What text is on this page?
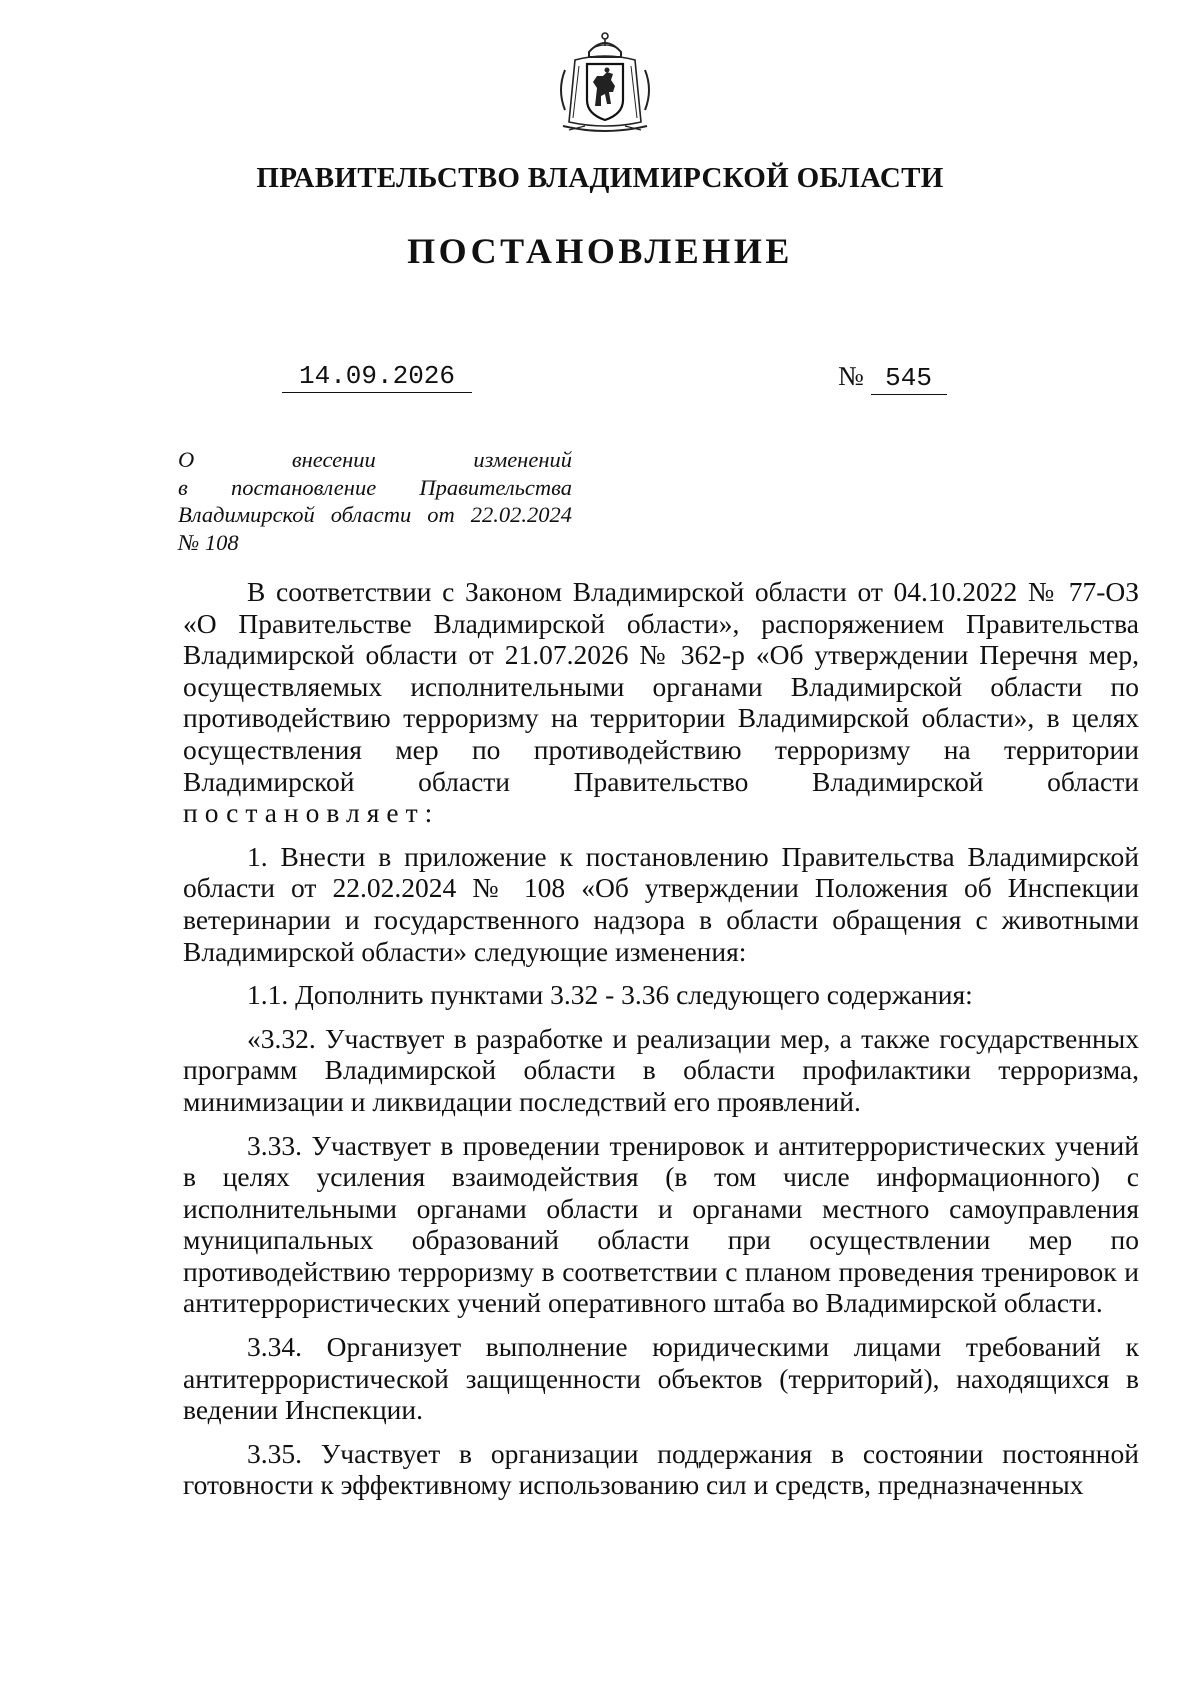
ПРАВИТЕЛЬСТВО ВЛАДИМИРСКОЙ ОБЛАСТИ
ПОСТАНОВЛЕНИЕ
14.09.2026	№ 545
О внесении изменений
в постановление Правительства
Владимирской области от 22.02.2024
№ 108

В соответствии с Законом Владимирской области от 04.10.2022 № 77-ОЗ «О Правительстве Владимирской области», распоряжением Правительства Владимирской области от 21.07.2026 № 362-р «Об утверждении Перечня мер, осуществляемых исполнительными органами Владимирской области по противодействию терроризму на территории Владимирской области», в целях осуществления мер по противодействию терроризму на территории Владимирской области Правительство Владимирской области постановляет:

1. Внести в приложение к постановлению Правительства Владимирской области от 22.02.2024 № 108 «Об утверждении Положения об Инспекции ветеринарии и государственного надзора в области обращения с животными Владимирской области» следующие изменения:

1.1. Дополнить пунктами 3.32 - 3.36 следующего содержания:

«3.32. Участвует в разработке и реализации мер, а также государственных программ Владимирской области в области профилактики терроризма, минимизации и ликвидации последствий его проявлений.

3.33. Участвует в проведении тренировок и антитеррористических учений в целях усиления взаимодействия (в том числе информационного) с исполнительными органами области и органами местного самоуправления муниципальных образований области при осуществлении мер по противодействию терроризму в соответствии с планом проведения тренировок и антитеррористических учений оперативного штаба во Владимирской области.

3.34. Организует выполнение юридическими лицами требований к антитеррористической защищенности объектов (территорий), находящихся в ведении Инспекции.

3.35. Участвует в организации поддержания в состоянии постоянной готовности к эффективному использованию сил и средств, предназначенных
